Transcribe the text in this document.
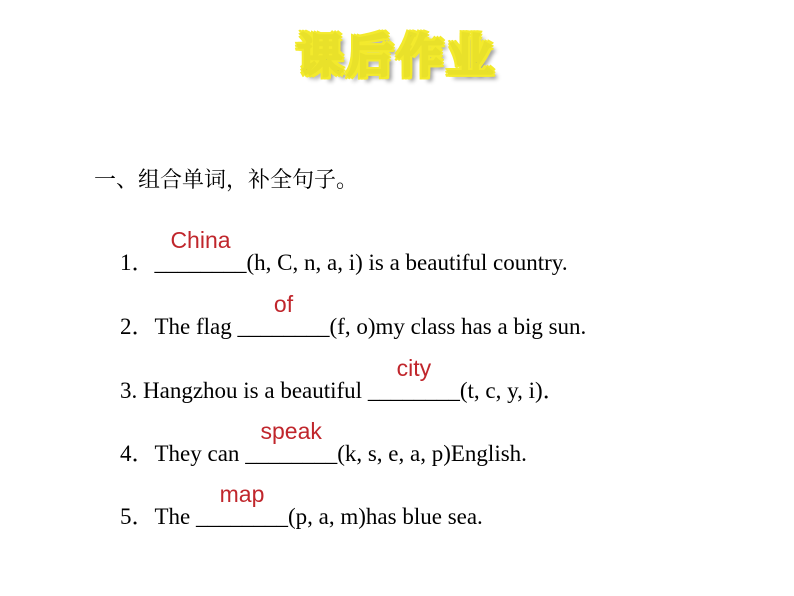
课后作业
一、组合单词，补全句子。
1．
China
________(h, C, n, a, i) is a beautiful country.
2．The flag
of
________(f, o)my class has a big sun.
3. Hangzhou is a beautiful
city
________(t, c, y, i)．
4．They can
speak
________(k, s, e, a, p)English.
5．The
map
________(p, a, m)has blue sea.
